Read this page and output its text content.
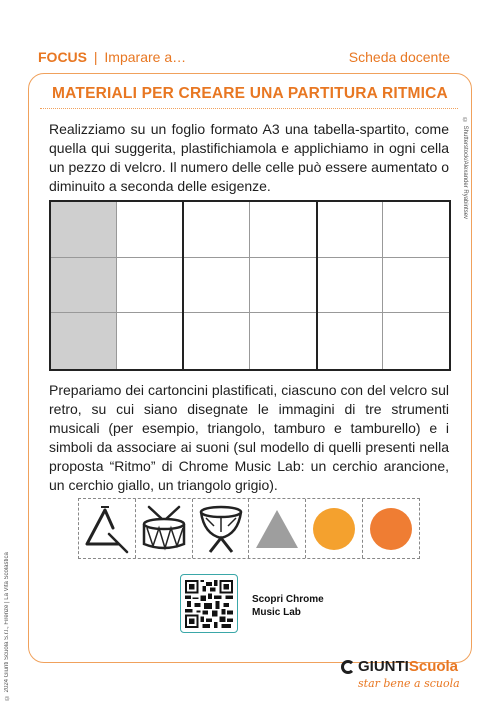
FOCUS | Imparare a…	Scheda docente
MATERIALI PER CREARE UNA PARTITURA RITMICA
Realizziamo su un foglio formato A3 una tabella-spartito, come quella qui suggerita, plastifichiamola e applichiamo in ogni cella un pezzo di velcro. Il numero delle celle può essere aumentato o diminuito a seconda delle esigenze.	© Shutterstock/Alexander Ryabintsev
© 2024 Giunti Scuola S.r.l., Firenze | La Vita Scolastica
Prepariamo dei cartoncini plastificati, ciascuno con del velcro sul retro, su cui siano disegnate le immagini di tre strumenti musicali (per esempio, triangolo, tamburo e tamburello) e i simboli da associare ai suoni (sul modello di quelli presenti nella proposta “Ritmo” di Chrome Music Lab: un cerchio arancione, un cerchio giallo, un triangolo grigio).
Scopri Chrome
Music Lab
GIUNTI Scuola
star bene a scuola
